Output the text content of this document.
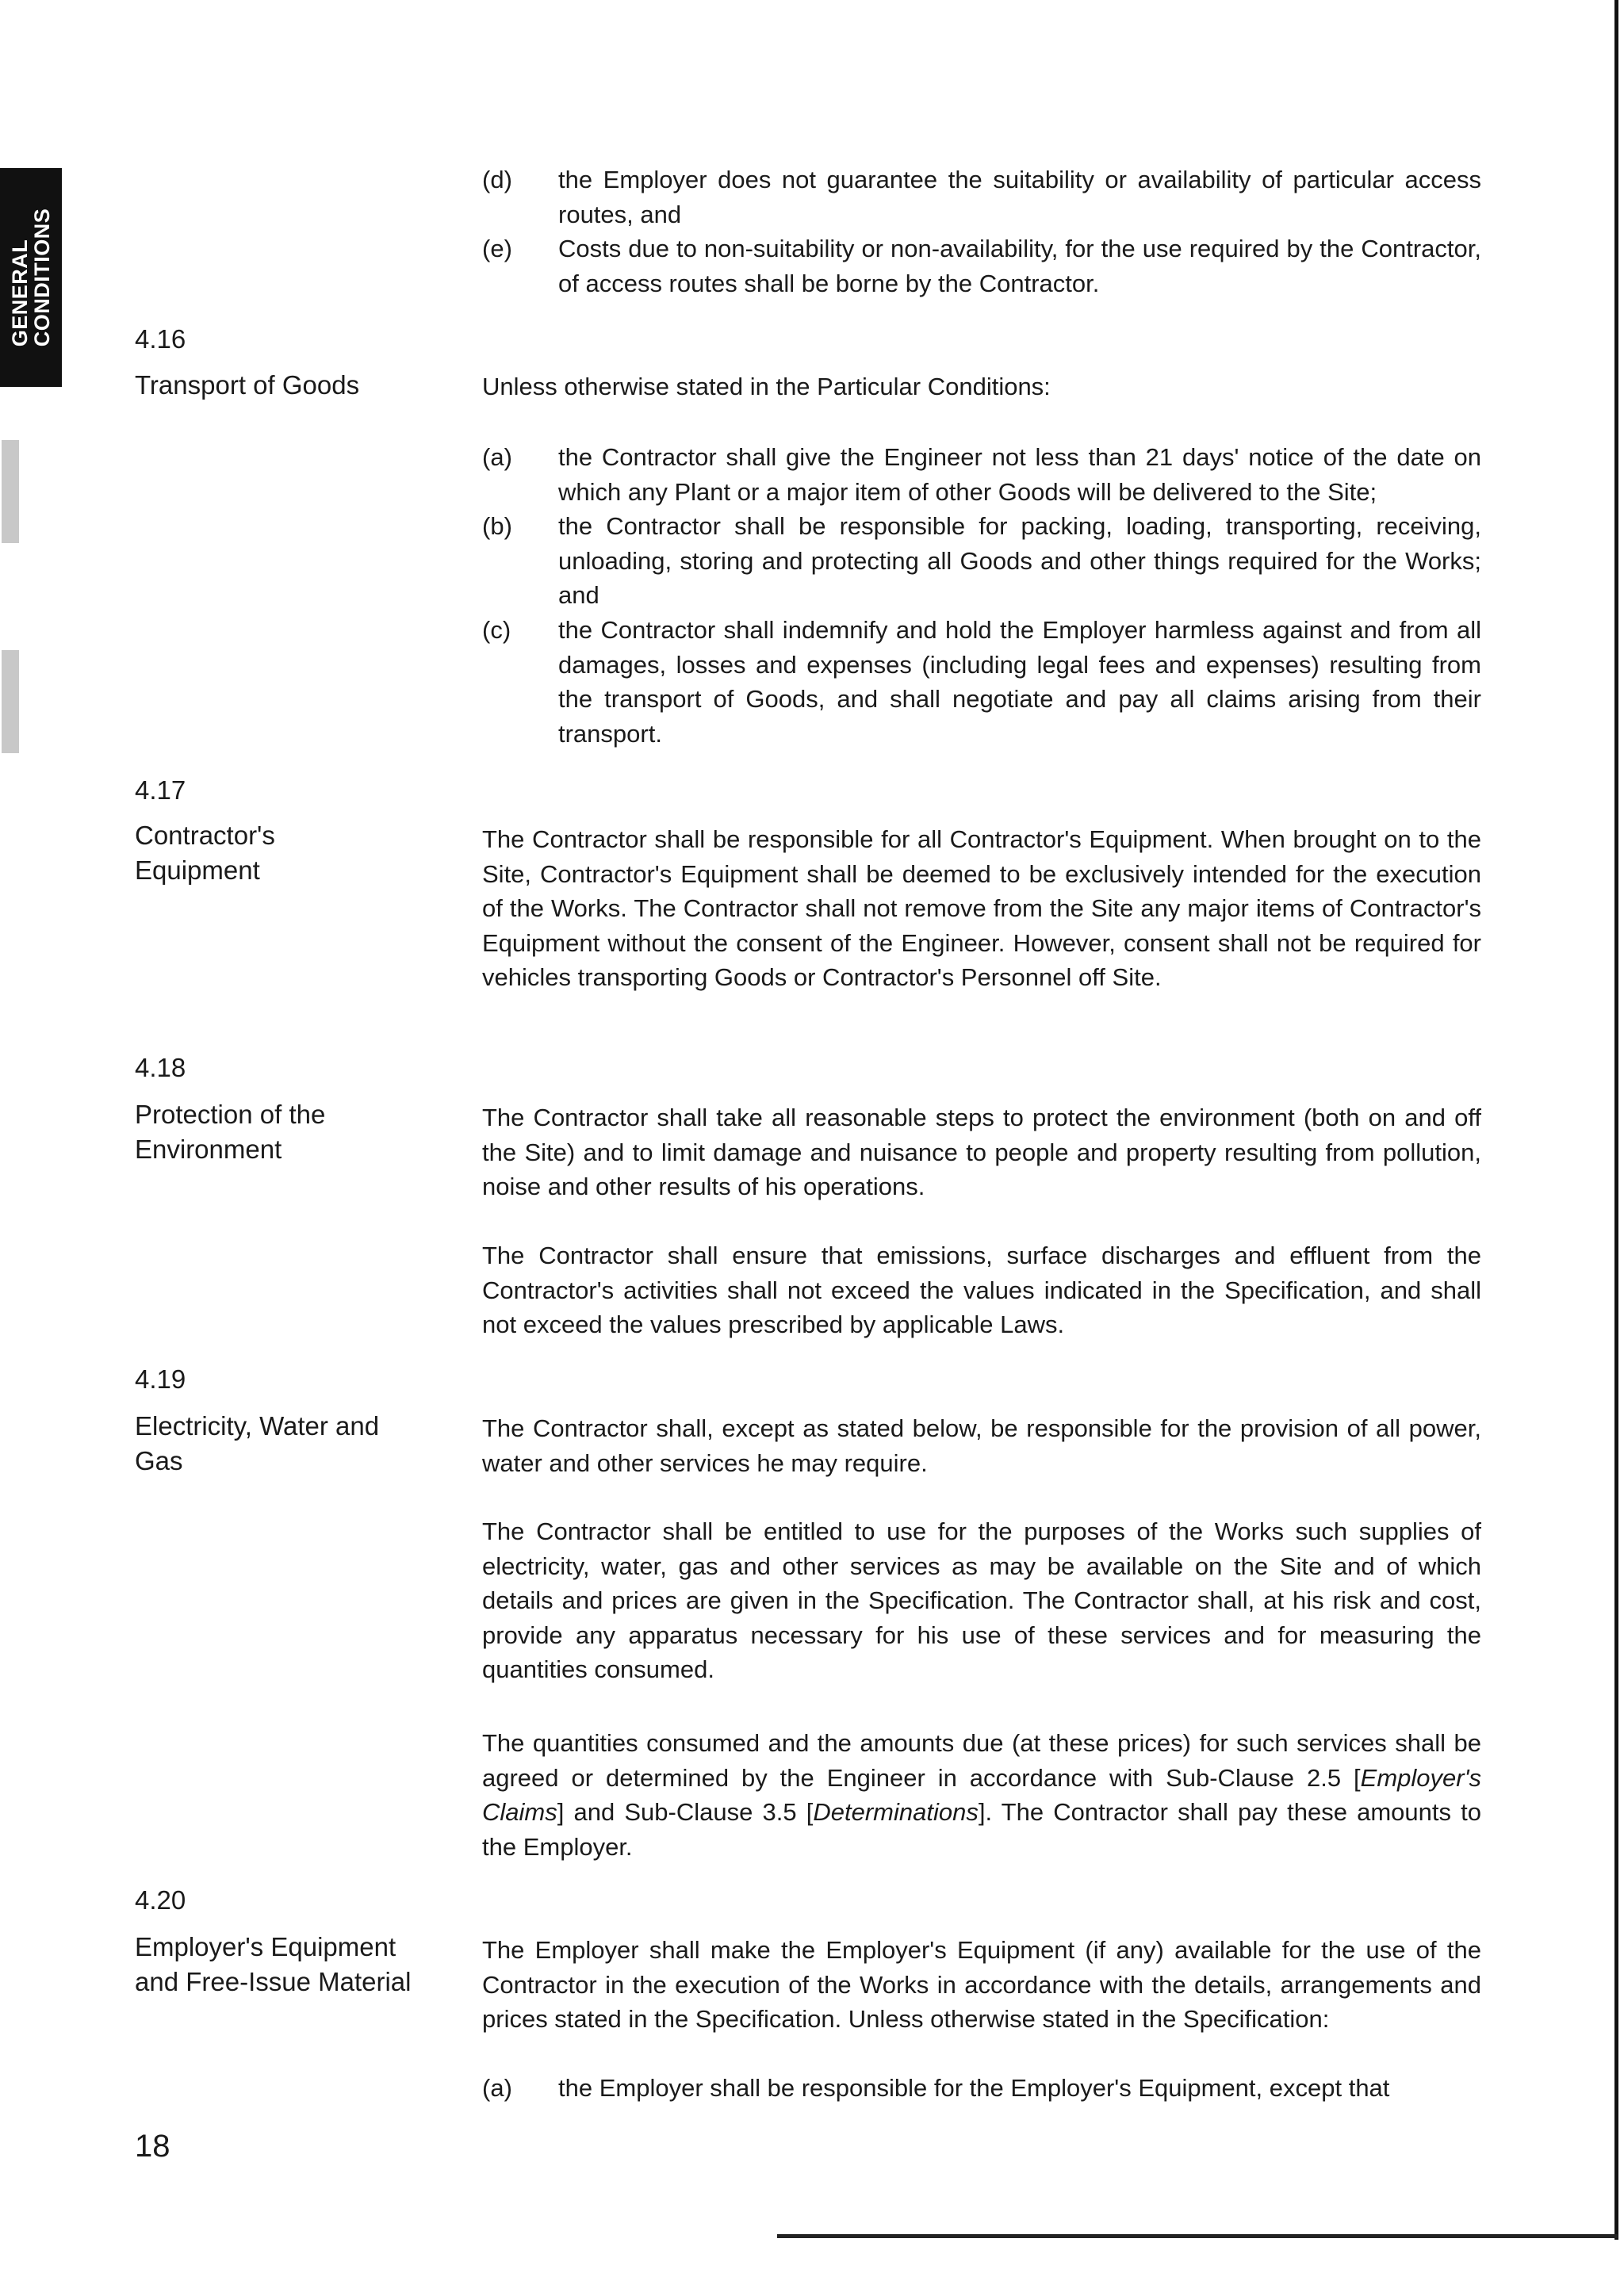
GENERAL
CONDITIONS
(d) the Employer does not guarantee the suitability or availability of particular access routes, and
(e) Costs due to non-suitability or non-availability, for the use required by the Contractor, of access routes shall be borne by the Contractor.
4.16
Transport of Goods	Unless otherwise stated in the Particular Conditions:

(a) the Contractor shall give the Engineer not less than 21 days' notice of the date on which any Plant or a major item of other Goods will be delivered to the Site;
(b) the Contractor shall be responsible for packing, loading, transporting, receiving, unloading, storing and protecting all Goods and other things required for the Works; and
(c) the Contractor shall indemnify and hold the Employer harmless against and from all damages, losses and expenses (including legal fees and expenses) resulting from the transport of Goods, and shall negotiate and pay all claims arising from their transport.
4.17
Contractor's
Equipment

The Contractor shall be responsible for all Contractor's Equipment. When brought on to the Site, Contractor's Equipment shall be deemed to be exclusively intended for the execution of the Works. The Contractor shall not remove from the Site any major items of Contractor's Equipment without the consent of the Engineer. However, consent shall not be required for vehicles transporting Goods or Contractor's Personnel off Site.

4.18
Protection of the
Environment

The Contractor shall take all reasonable steps to protect the environment (both on and off the Site) and to limit damage and nuisance to people and property resulting from pollution, noise and other results of his operations.

The Contractor shall ensure that emissions, surface discharges and effluent from the Contractor's activities shall not exceed the values indicated in the Specification, and shall not exceed the values prescribed by applicable Laws.

4.19
Electricity, Water and
Gas

The Contractor shall, except as stated below, be responsible for the provision of all power, water and other services he may require.

The Contractor shall be entitled to use for the purposes of the Works such supplies of electricity, water, gas and other services as may be available on the Site and of which details and prices are given in the Specification. The Contractor shall, at his risk and cost, provide any apparatus necessary for his use of these services and for measuring the quantities consumed.

The quantities consumed and the amounts due (at these prices) for such services shall be agreed or determined by the Engineer in accordance with Sub-Clause 2.5 [Employer's Claims] and Sub-Clause 3.5 [Determinations]. The Contractor shall pay these amounts to the Employer.

4.20
Employer's Equipment
and Free-Issue Material

The Employer shall make the Employer's Equipment (if any) available for the use of the Contractor in the execution of the Works in accordance with the details, arrangements and prices stated in the Specification. Unless otherwise stated in the Specification:

(a) the Employer shall be responsible for the Employer's Equipment, except that
18
